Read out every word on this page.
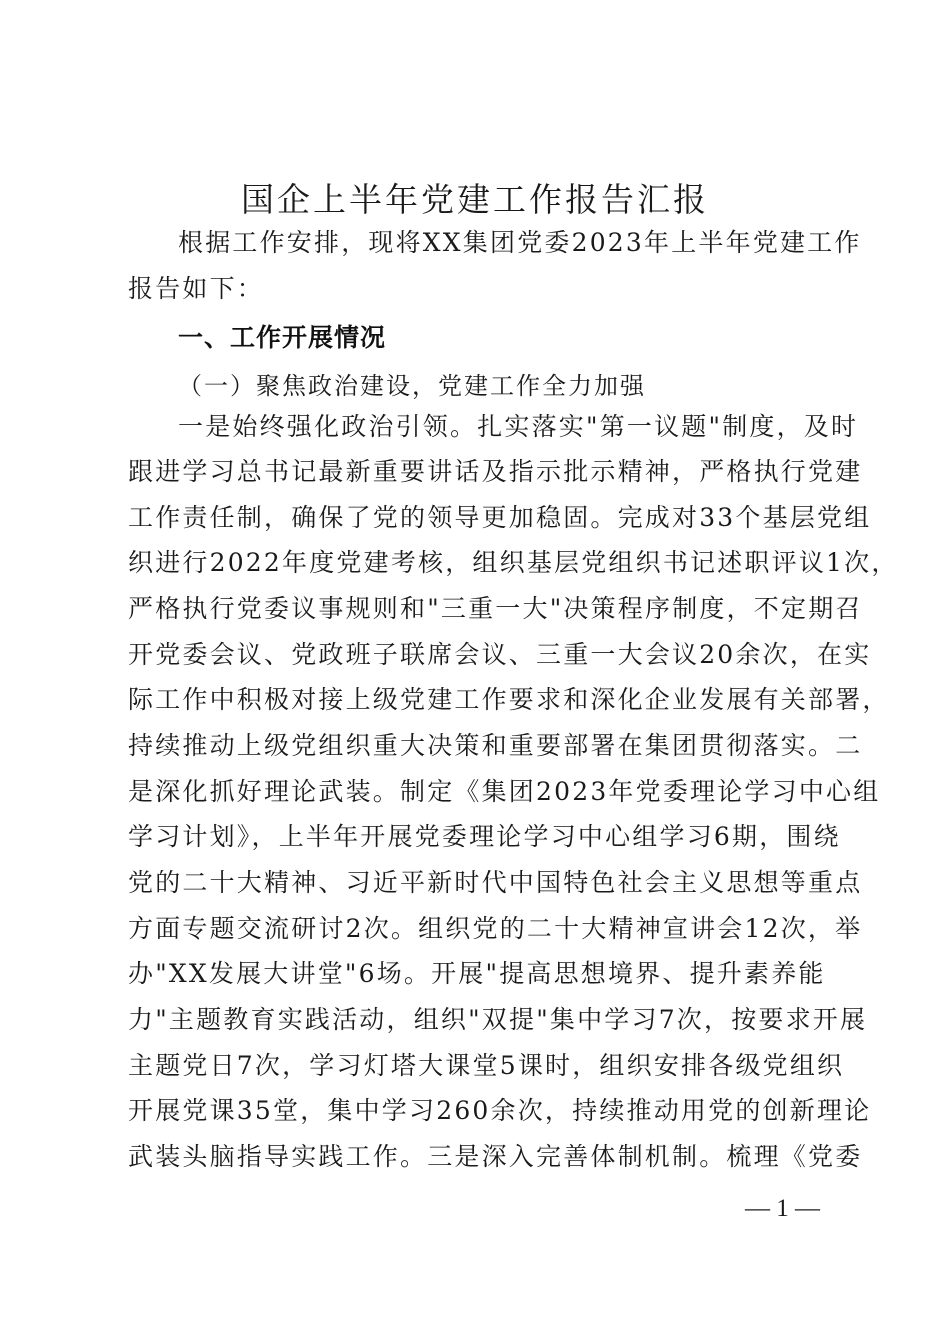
国企上半年党建工作报告汇报
根据工作安排，现将XX集团党委2023年上半年党建工作
报告如下：
一、工作开展情况
（一）聚焦政治建设，党建工作全力加强
一是始终强化政治引领。扎实落实"第一议题"制度，及时
跟进学习总书记最新重要讲话及指示批示精神，严格执行党建
工作责任制，确保了党的领导更加稳固。完成对33个基层党组
织进行2022年度党建考核，组织基层党组织书记述职评议1次，
严格执行党委议事规则和"三重一大"决策程序制度，不定期召
开党委会议、党政班子联席会议、三重一大会议20余次，在实
际工作中积极对接上级党建工作要求和深化企业发展有关部署，
持续推动上级党组织重大决策和重要部署在集团贯彻落实。二
是深化抓好理论武装。制定《集团2023年党委理论学习中心组
学习计划》，上半年开展党委理论学习中心组学习6期，围绕
党的二十大精神、习近平新时代中国特色社会主义思想等重点
方面专题交流研讨2次。组织党的二十大精神宣讲会12次，举
办"XX发展大讲堂"6场。开展"提高思想境界、提升素养能
力"主题教育实践活动，组织"双提"集中学习7次，按要求开展
主题党日7次，学习灯塔大课堂5课时，组织安排各级党组织
开展党课35堂，集中学习260余次，持续推动用党的创新理论
武装头脑指导实践工作。三是深入完善体制机制。梳理《党委
— 1 —
